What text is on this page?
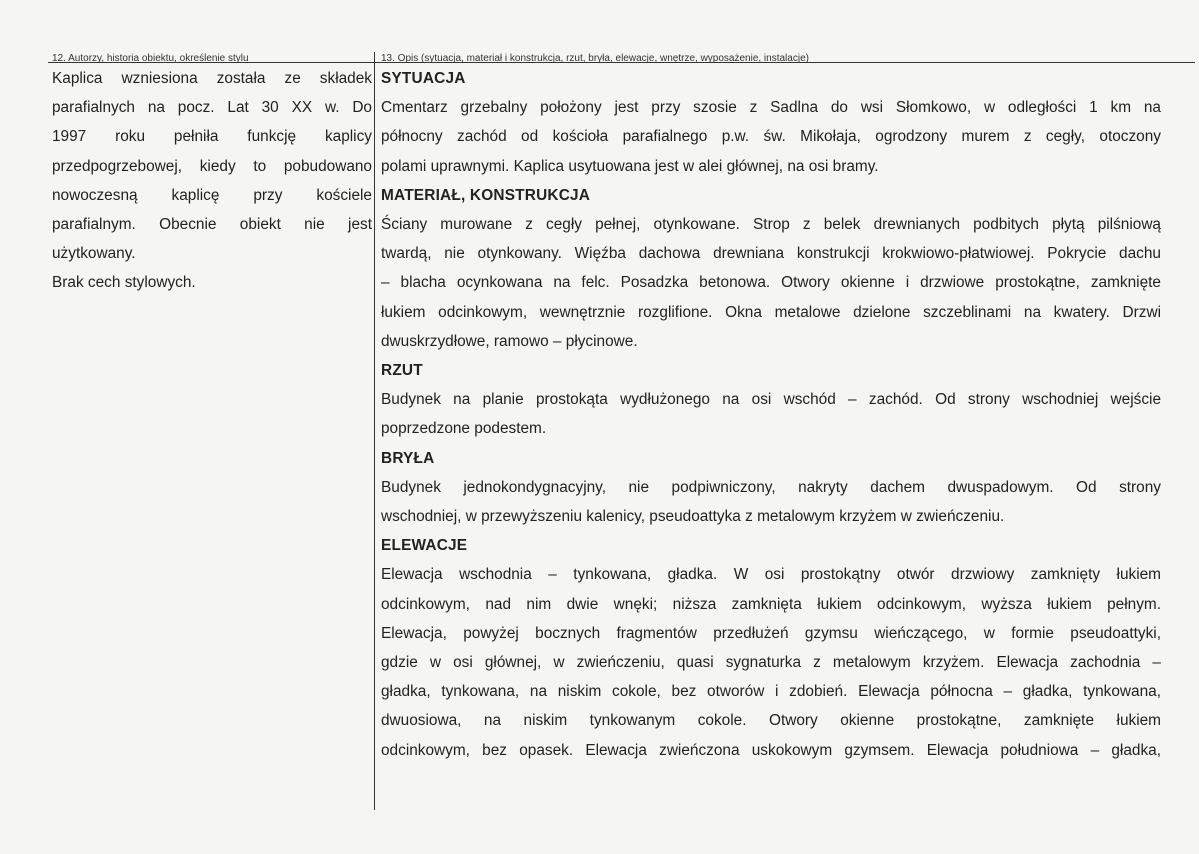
12. Autorzy, historia obiektu, określenie stylu	13. Opis (sytuacja, materiał i konstrukcja, rzut, bryła, elewacje, wnętrze, wyposażenie, instalacje)

Kaplica wzniesiona została ze składek

parafialnych na pocz. Lat 30 XX w. Do

1997 roku pełniła funkcję kaplicy

przedpogrzebowej, kiedy to pobudowano

nowoczesną kaplicę przy kościele

parafialnym. Obecnie obiekt nie jest

użytkowany.

Brak cech stylowych.

SYTUACJA
Cmentarz grzebalny położony jest przy szosie z Sadlna do wsi Słomkowo, w odległości 1 km na
północny zachód od kościoła parafialnego p.w. św. Mikołaja, ogrodzony murem z cegły, otoczony
polami uprawnymi. Kaplica usytuowana jest w alei głównej, na osi bramy.
MATERIAŁ, KONSTRUKCJA
Ściany murowane z cegły pełnej, otynkowane. Strop z belek drewnianych podbitych płytą pilśniową
twardą, nie otynkowany. Więźba dachowa drewniana konstrukcji krokwiowo-płatwiowej. Pokrycie dachu
– blacha ocynkowana na felc. Posadzka betonowa. Otwory okienne i drzwiowe prostokątne, zamknięte
łukiem odcinkowym, wewnętrznie rozglifione. Okna metalowe dzielone szczeblinami na kwatery. Drzwi
dwuskrzydłowe, ramowo – płycinowe.
RZUT
Budynek na planie prostokąta wydłużonego na osi wschód – zachód. Od strony wschodniej wejście
poprzedzone podestem.
BRYŁA
Budynek jednokondygnacyjny, nie podpiwniczony, nakryty dachem dwuspadowym. Od strony
wschodniej, w przewyższeniu kalenicy, pseudoattyka z metalowym krzyżem w zwieńczeniu.
ELEWACJE
Elewacja wschodnia – tynkowana, gładka. W osi prostokątny otwór drzwiowy zamknięty łukiem
odcinkowym, nad nim dwie wnęki; niższa zamknięta łukiem odcinkowym, wyższa łukiem pełnym.
Elewacja, powyżej bocznych fragmentów przedłużeń gzymsu wieńczącego, w formie pseudoattyki,
gdzie w osi głównej, w zwieńczeniu, quasi sygnaturka z metalowym krzyżem. Elewacja zachodnia –
gładka, tynkowana, na niskim cokole, bez otworów i zdobień. Elewacja północna – gładka, tynkowana,
dwuosiowa, na niskim tynkowanym cokole. Otwory okienne prostokątne, zamknięte łukiem
odcinkowym, bez opasek. Elewacja zwieńczona uskokowym gzymsem. Elewacja południowa – gładka,
